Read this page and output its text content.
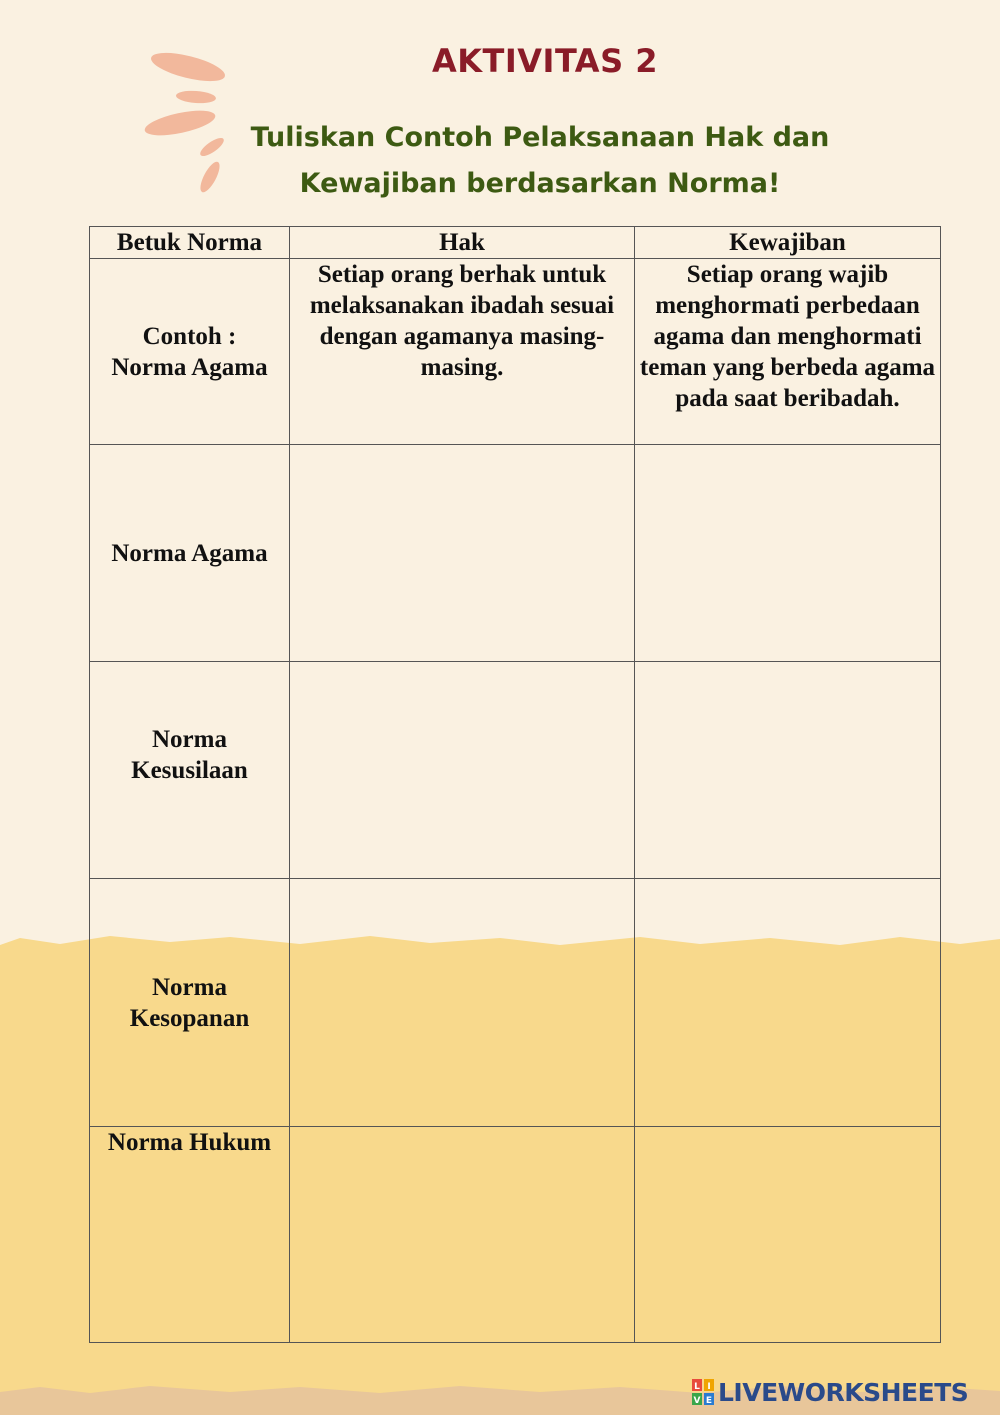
AKTIVITAS 2
Tuliskan Contoh Pelaksanaan Hak dan
Kewajiban berdasarkan Norma!
Betuk Norma	Hak	Kewajiban

Contoh :
Norma Agama	Setiap orang berhak untuk melaksanakan ibadah sesuai dengan agamanya masing-masing.	Setiap orang wajib menghormati perbedaan agama dan menghormati teman yang berbeda agama pada saat beribadah.

Norma Agama		

Norma
Kesusilaan		

Norma
Kesopanan		

Norma Hukum		

L I
V E LIVEWORKSHEETS
